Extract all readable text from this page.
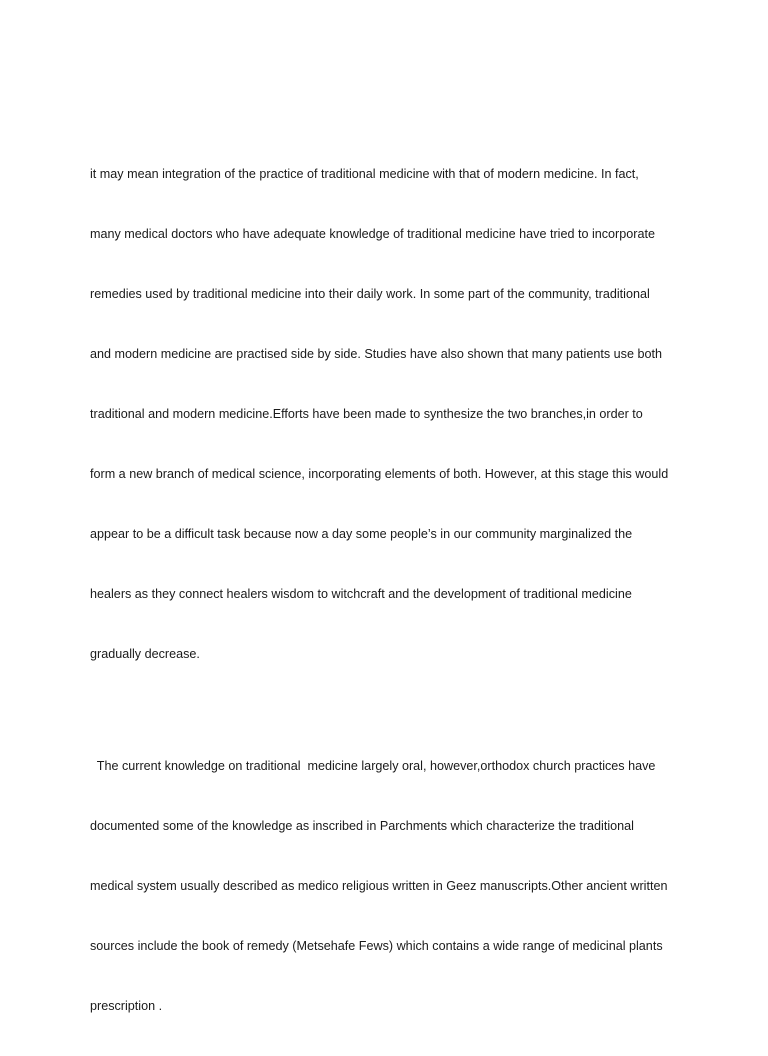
it may mean integration of the practice of traditional medicine with that of modern medicine. In fact,

many medical doctors who have adequate knowledge of traditional medicine have tried to incorporate

remedies used by traditional medicine into their daily work. In some part of the community, traditional

and modern medicine are practised side by side. Studies have also shown that many patients use both

traditional and modern medicine.Efforts have been made to synthesize the two branches,in order to

form a new branch of medical science, incorporating elements of both. However, at this stage this would

appear to be a difficult task because now a day some people’s in our community marginalized the

healers as they connect healers wisdom to witchcraft and the development of traditional medicine

gradually decrease.

The current knowledge on traditional  medicine largely oral, however,orthodox church practices have

documented some of the knowledge as inscribed in Parchments which characterize the traditional

medical system usually described as medico religious written in Geez manuscripts.Other ancient written

sources include the book of remedy (Metsehafe Fews) which contains a wide range of medicinal plants

prescription .
